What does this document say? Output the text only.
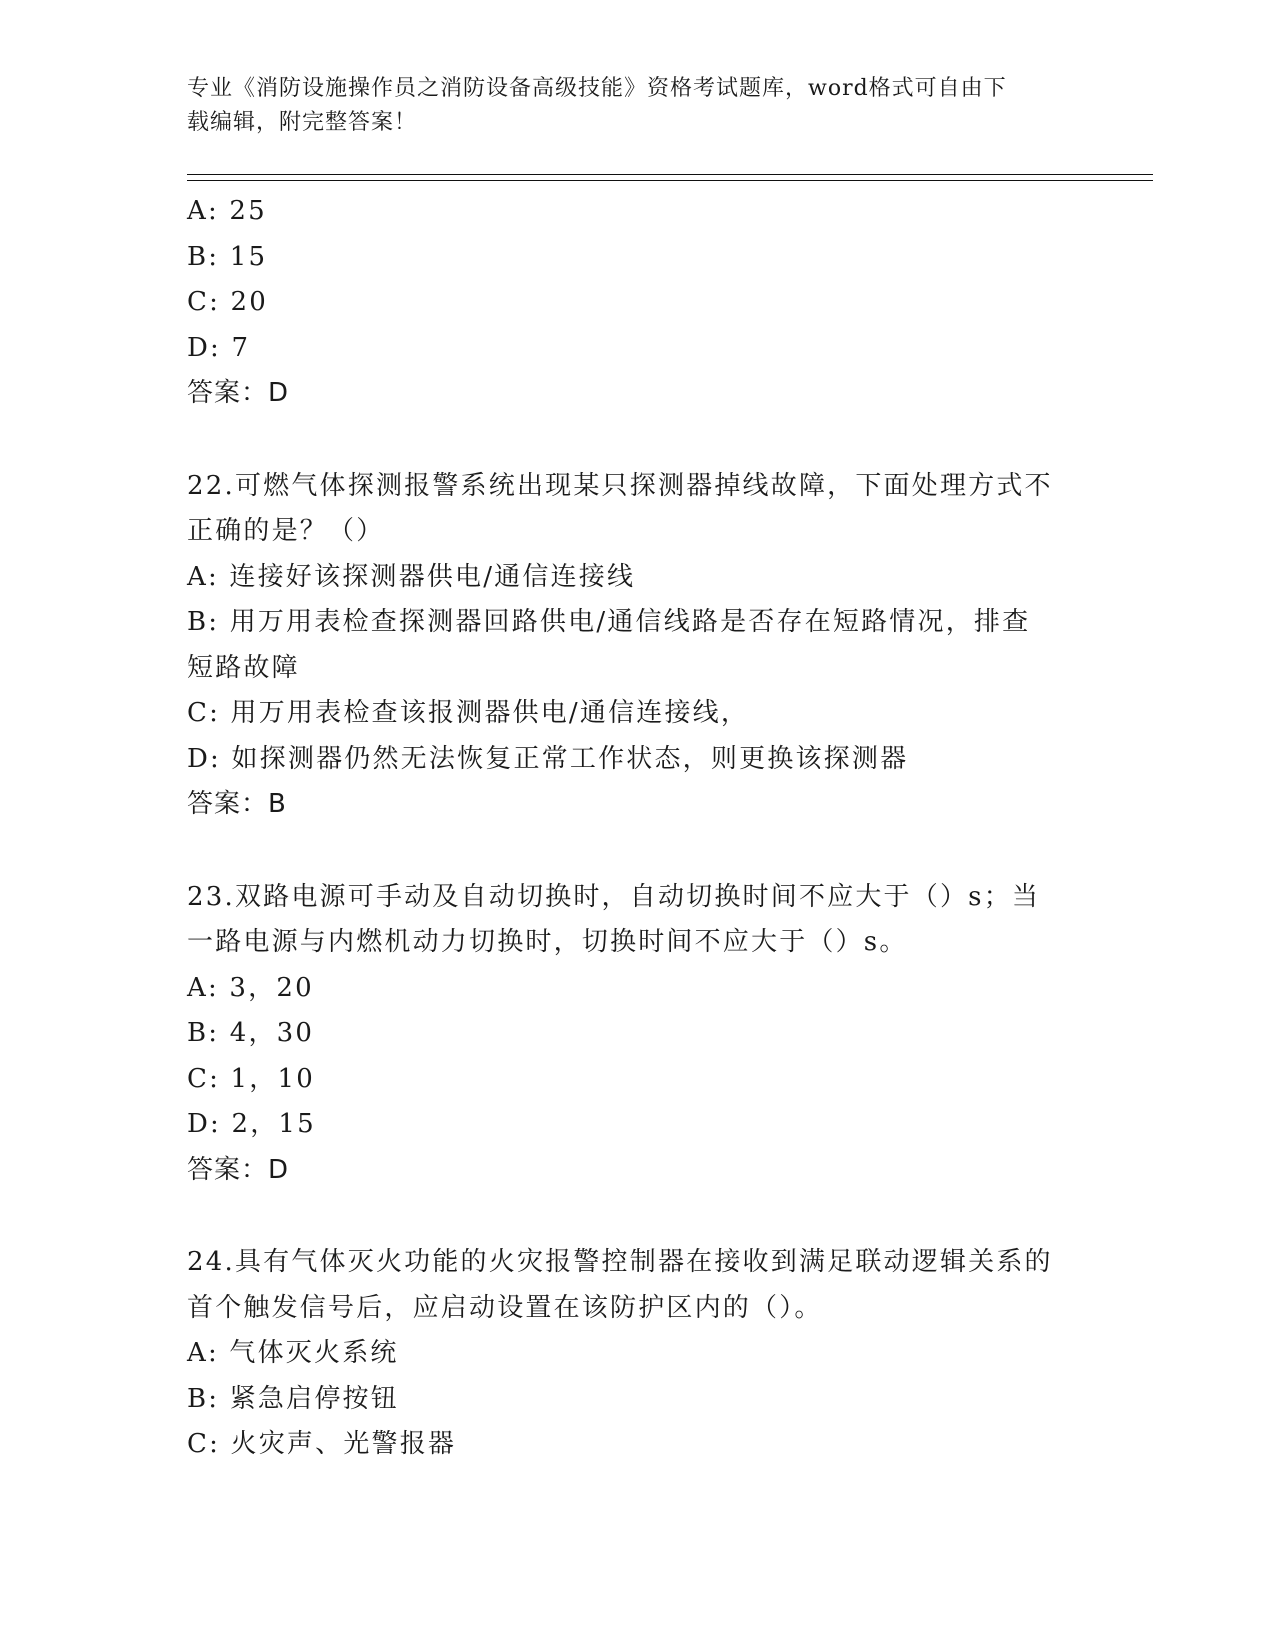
专业《消防设施操作员之消防设备高级技能》资格考试题库，word格式可自由下
载编辑，附完整答案！
A: 25
B: 15
C: 20
D: 7
答案：D
22.可燃气体探测报警系统出现某只探测器掉线故障，下面处理方式不
正确的是？（）
A: 连接好该探测器供电/通信连接线
B: 用万用表检查探测器回路供电/通信线路是否存在短路情况，排查
短路故障
C: 用万用表检查该报测器供电/通信连接线，
D: 如探测器仍然无法恢复正常工作状态，则更换该探测器
答案：B
23.双路电源可手动及自动切换时，自动切换时间不应大于（）s；当
一路电源与内燃机动力切换时，切换时间不应大于（）s。
A: 3，20
B: 4，30
C: 1，10
D: 2，15
答案：D
24.具有气体灭火功能的火灾报警控制器在接收到满足联动逻辑关系的
首个触发信号后，应启动设置在该防护区内的（）。
A: 气体灭火系统
B: 紧急启停按钮
C: 火灾声、光警报器
